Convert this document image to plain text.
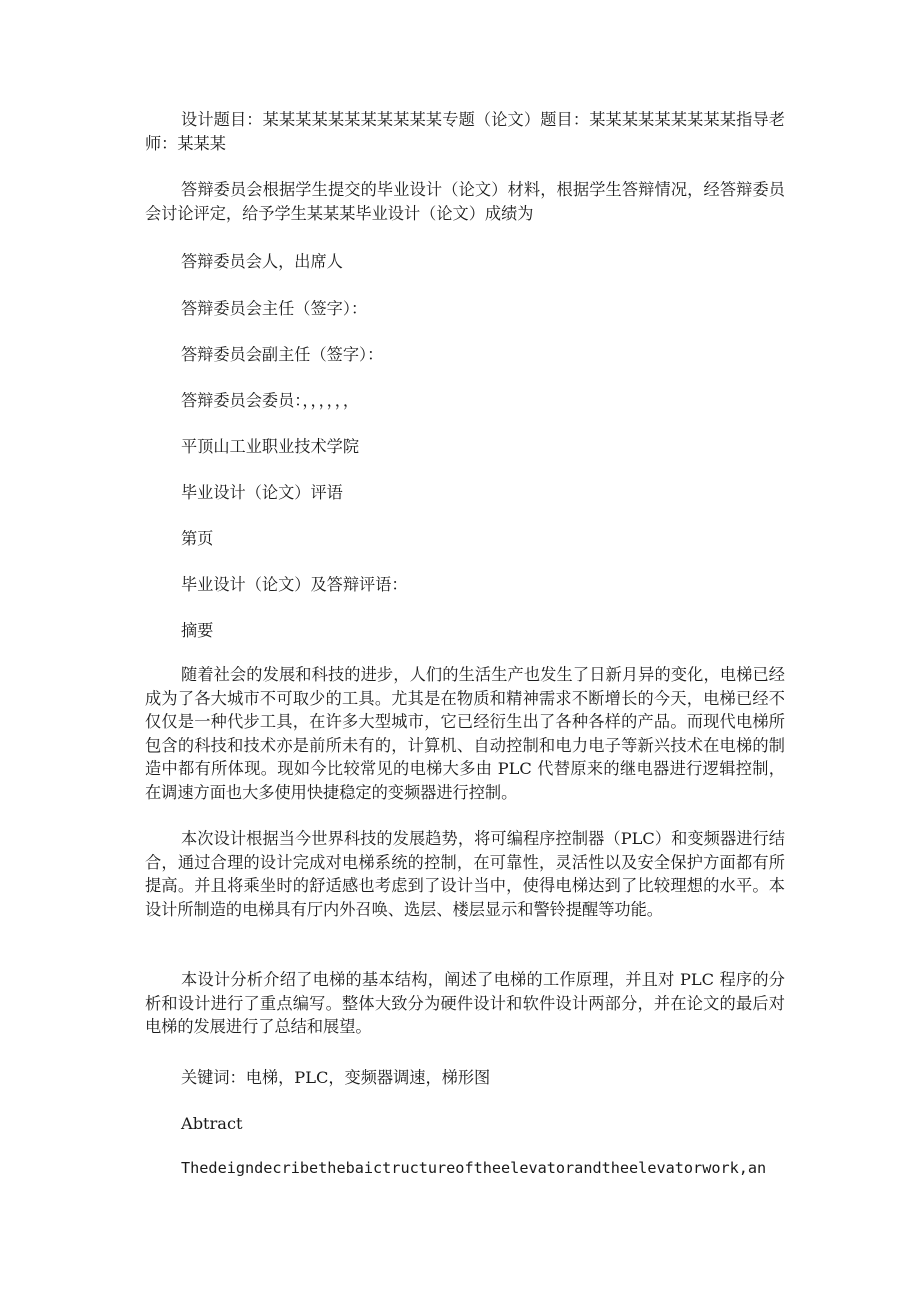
设计题目：某某某某某某某某某某某专题（论文）题目：某某某某某某某某某指导老师：某某某

答辩委员会根据学生提交的毕业设计（论文）材料，根据学生答辩情况，经答辩委员会讨论评定，给予学生某某某毕业设计（论文）成绩为

答辩委员会人，出席人

答辩委员会主任（签字）：

答辩委员会副主任（签字）：

答辩委员会委员：，，，，，，

平顶山工业职业技术学院

毕业设计（论文）评语

第页

毕业设计（论文）及答辩评语：

摘要

随着社会的发展和科技的进步，人们的生活生产也发生了日新月异的变化，电梯已经成为了各大城市不可取少的工具。尤其是在物质和精神需求不断增长的今天，电梯已经不仅仅是一种代步工具，在许多大型城市，它已经衍生出了各种各样的产品。而现代电梯所包含的科技和技术亦是前所未有的，计算机、自动控制和电力电子等新兴技术在电梯的制造中都有所体现。现如今比较常见的电梯大多由 PLC 代替原来的继电器进行逻辑控制，在调速方面也大多使用快捷稳定的变频器进行控制。

本次设计根据当今世界科技的发展趋势，将可编程序控制器（PLC）和变频器进行结合，通过合理的设计完成对电梯系统的控制，在可靠性，灵活性以及安全保护方面都有所提高。并且将乘坐时的舒适感也考虑到了设计当中，使得电梯达到了比较理想的水平。本设计所制造的电梯具有厅内外召唤、选层、楼层显示和警铃提醒等功能。

本设计分析介绍了电梯的基本结构，阐述了电梯的工作原理，并且对 PLC 程序的分析和设计进行了重点编写。整体大致分为硬件设计和软件设计两部分，并在论文的最后对电梯的发展进行了总结和展望。

关键词：电梯，PLC，变频器调速，梯形图

Abtract

Thedeigndecribethebaictructureoftheelevatorandtheelevatorwork,an
